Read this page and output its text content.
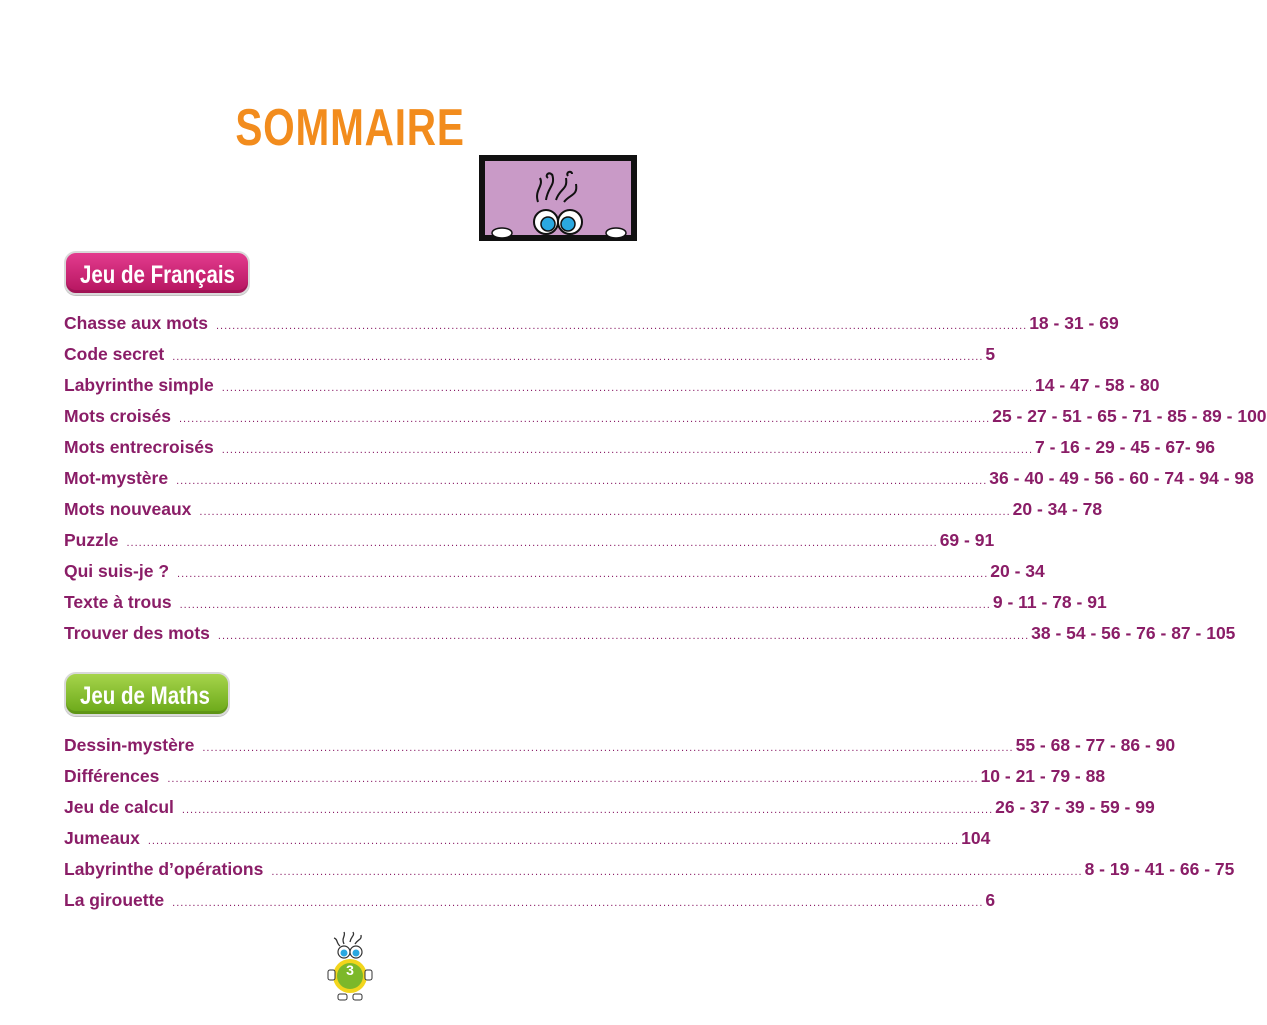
SOMMAIRE
Jeu de Français
Chasse aux mots ........................................................................................................................................................................................................ 18 - 31 - 69
Code secret ........................................................................................................................................................................................................ 5
Labyrinthe simple ........................................................................................................................................................................................................ 14 - 47 - 58 - 80
Mots croisés ........................................................................................................................................................................................................ 25 - 27 - 51 - 65 - 71 - 85 - 89 - 100
Mots entrecroisés ........................................................................................................................................................................................................ 7 - 16 - 29 - 45 - 67- 96
Mot-mystère ........................................................................................................................................................................................................ 36 - 40 - 49 - 56 - 60 - 74 - 94 - 98
Mots nouveaux ........................................................................................................................................................................................................ 20 - 34 - 78
Puzzle ........................................................................................................................................................................................................ 69 - 91
Qui suis-je ? ........................................................................................................................................................................................................ 20 - 34
Texte à trous ........................................................................................................................................................................................................ 9 - 11 - 78 - 91
Trouver des mots ........................................................................................................................................................................................................ 38 - 54 - 56 - 76 - 87 - 105
Jeu de Maths
Dessin-mystère ........................................................................................................................................................................................................ 55 - 68 - 77 - 86 - 90
Différences ........................................................................................................................................................................................................ 10 - 21 - 79 - 88
Jeu de calcul ........................................................................................................................................................................................................ 26 - 37 - 39 - 59 - 99
Jumeaux ........................................................................................................................................................................................................ 104
Labyrinthe d’opérations ........................................................................................................................................................................................................ 8 - 19 - 41 - 66 - 75
La girouette ........................................................................................................................................................................................................ 6
3
